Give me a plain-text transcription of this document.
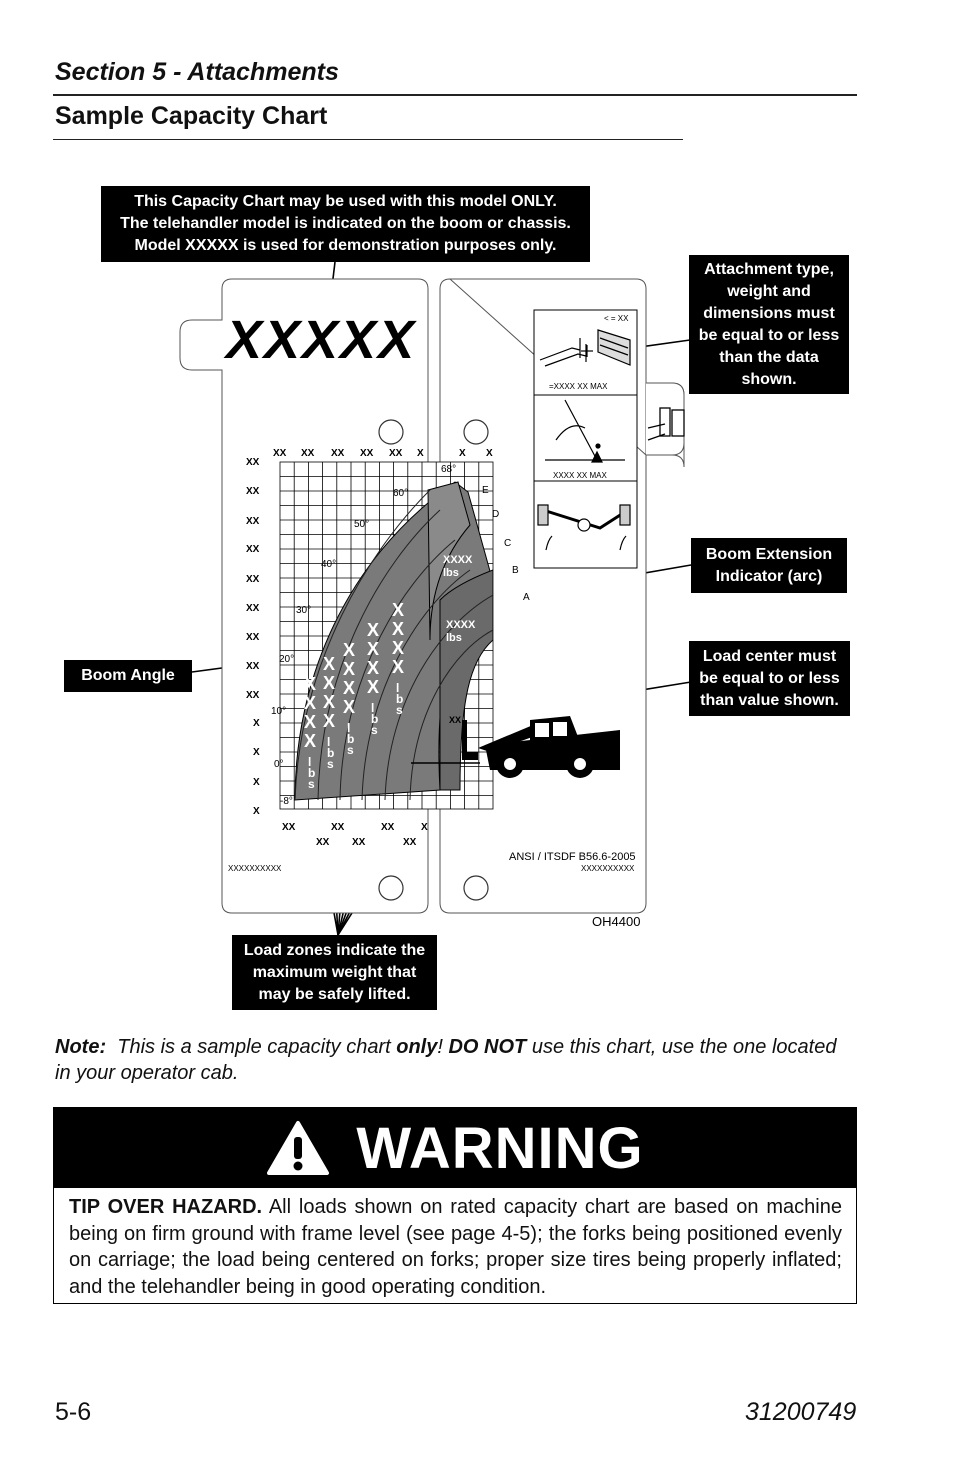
Section 5 - Attachments
Sample Capacity Chart
XXXXX
XX XX XX XX XX X	X X
XX
XX
XX
XX
XX
XX
XX
XX
XX
X
X
X
X
XX	XX	XX	X
XX XX	XX
68°
60°
50°
40°
30°
20°
10°
0°
-8°
E
D
C
B
A
XXXX
lbs
XXXX
lbs
X
X
X
X
l
b
s
X
X
X
X
l
b
s
X
X
X
X
l
b
s
X
X
X
X
l
b
s
X
X
X
X
l
b
s
XX
< = XX
=XXXX XX MAX
XXXX XX MAX
ANSI / ITSDF B56.6-2005
XXXXXXXXXX
XXXXXXXXXX
OH4400
This Capacity Chart may be used with this model ONLY.
The telehandler model is indicated on the boom or chassis.
Model XXXXX is used for demonstration purposes only.
Attachment type,
weight and
dimensions must
be equal to or less
than the data
shown.
Boom Extension
Indicator (arc)
Load center must
be equal to or less
than value shown.
Boom Angle
Load zones indicate the
maximum weight that
may be safely lifted.
Note: This is a sample capacity chart only! DO NOT use this chart, use the one located in your operator cab.
WARNING
TIP OVER HAZARD. All loads shown on rated capacity chart are based on machine being on firm ground with frame level (see page 4-5); the forks being positioned evenly on carriage; the load being centered on forks; proper size tires being properly inflated; and the telehandler being in good operating condition.
5-6	31200749
